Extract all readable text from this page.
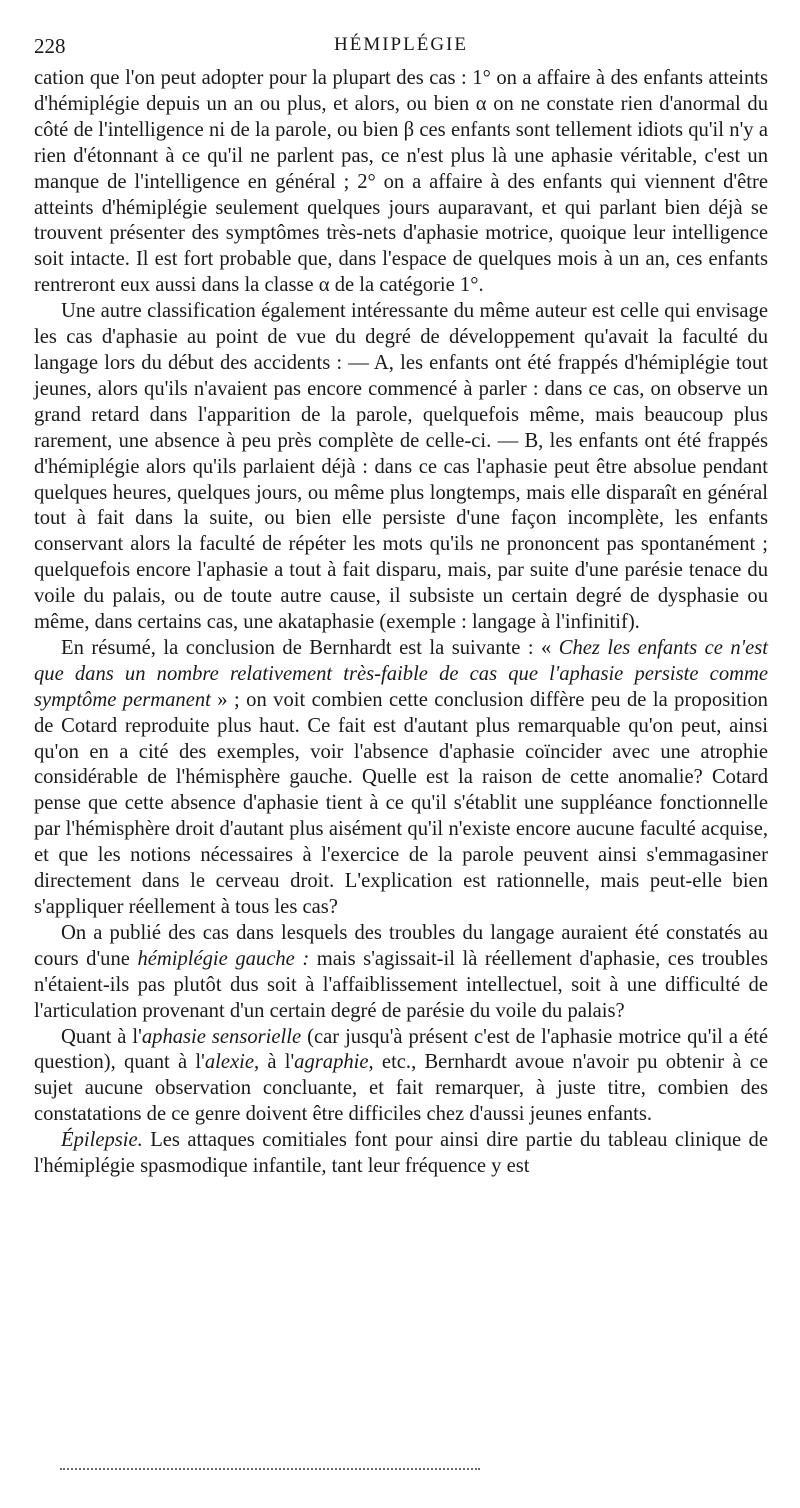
228	HÉMIPLÉGIE

cation que l'on peut adopter pour la plupart des cas : 1° on a affaire à des enfants atteints d'hémiplégie depuis un an ou plus, et alors, ou bien α on ne constate rien d'anormal du côté de l'intelligence ni de la parole, ou bien β ces enfants sont tellement idiots qu'il n'y a rien d'étonnant à ce qu'il ne parlent pas, ce n'est plus là une aphasie véritable, c'est un manque de l'intelligence en général ; 2° on a affaire à des enfants qui viennent d'être atteints d'hémiplégie seulement quelques jours auparavant, et qui parlant bien déjà se trouvent présenter des symptômes très-nets d'aphasie motrice, quoique leur intelligence soit intacte. Il est fort probable que, dans l'espace de quelques mois à un an, ces enfants rentreront eux aussi dans la classe α de la catégorie 1°.

Une autre classification également intéressante du même auteur est celle qui envisage les cas d'aphasie au point de vue du degré de développement qu'avait la faculté du langage lors du début des accidents : — A, les enfants ont été frappés d'hémiplégie tout jeunes, alors qu'ils n'avaient pas encore commencé à parler : dans ce cas, on observe un grand retard dans l'apparition de la parole, quelquefois même, mais beaucoup plus rarement, une absence à peu près complète de celle-ci. — B, les enfants ont été frappés d'hémiplégie alors qu'ils parlaient déjà : dans ce cas l'aphasie peut être absolue pendant quelques heures, quelques jours, ou même plus longtemps, mais elle disparaît en général tout à fait dans la suite, ou bien elle persiste d'une façon incomplète, les enfants conservant alors la faculté de répéter les mots qu'ils ne prononcent pas spontanément ; quelquefois encore l'aphasie a tout à fait disparu, mais, par suite d'une parésie tenace du voile du palais, ou de toute autre cause, il subsiste un certain degré de dysphasie ou même, dans certains cas, une akataphasie (exemple : langage à l'infinitif).

En résumé, la conclusion de Bernhardt est la suivante : « Chez les enfants ce n'est que dans un nombre relativement très-faible de cas que l'aphasie persiste comme symptôme permanent » ; on voit combien cette conclusion diffère peu de la proposition de Cotard reproduite plus haut. Ce fait est d'autant plus remarquable qu'on peut, ainsi qu'on en a cité des exemples, voir l'absence d'aphasie coïncider avec une atrophie considérable de l'hémisphère gauche. Quelle est la raison de cette anomalie? Cotard pense que cette absence d'aphasie tient à ce qu'il s'établit une suppléance fonctionnelle par l'hémisphère droit d'autant plus aisément qu'il n'existe encore aucune faculté acquise, et que les notions nécessaires à l'exercice de la parole peuvent ainsi s'emmagasiner directement dans le cerveau droit. L'explication est rationnelle, mais peut-elle bien s'appliquer réellement à tous les cas?

On a publié des cas dans lesquels des troubles du langage auraient été constatés au cours d'une hémiplégie gauche : mais s'agissait-il là réellement d'aphasie, ces troubles n'étaient-ils pas plutôt dus soit à l'affaiblissement intellectuel, soit à une difficulté de l'articulation provenant d'un certain degré de parésie du voile du palais?

Quant à l'aphasie sensorielle (car jusqu'à présent c'est de l'aphasie motrice qu'il a été question), quant à l'alexie, à l'agraphie, etc., Bernhardt avoue n'avoir pu obtenir à ce sujet aucune observation concluante, et fait remarquer, à juste titre, combien des constatations de ce genre doivent être difficiles chez d'aussi jeunes enfants.

Épilepsie. Les attaques comitiales font pour ainsi dire partie du tableau clinique de l'hémiplégie spasmodique infantile, tant leur fréquence y est
